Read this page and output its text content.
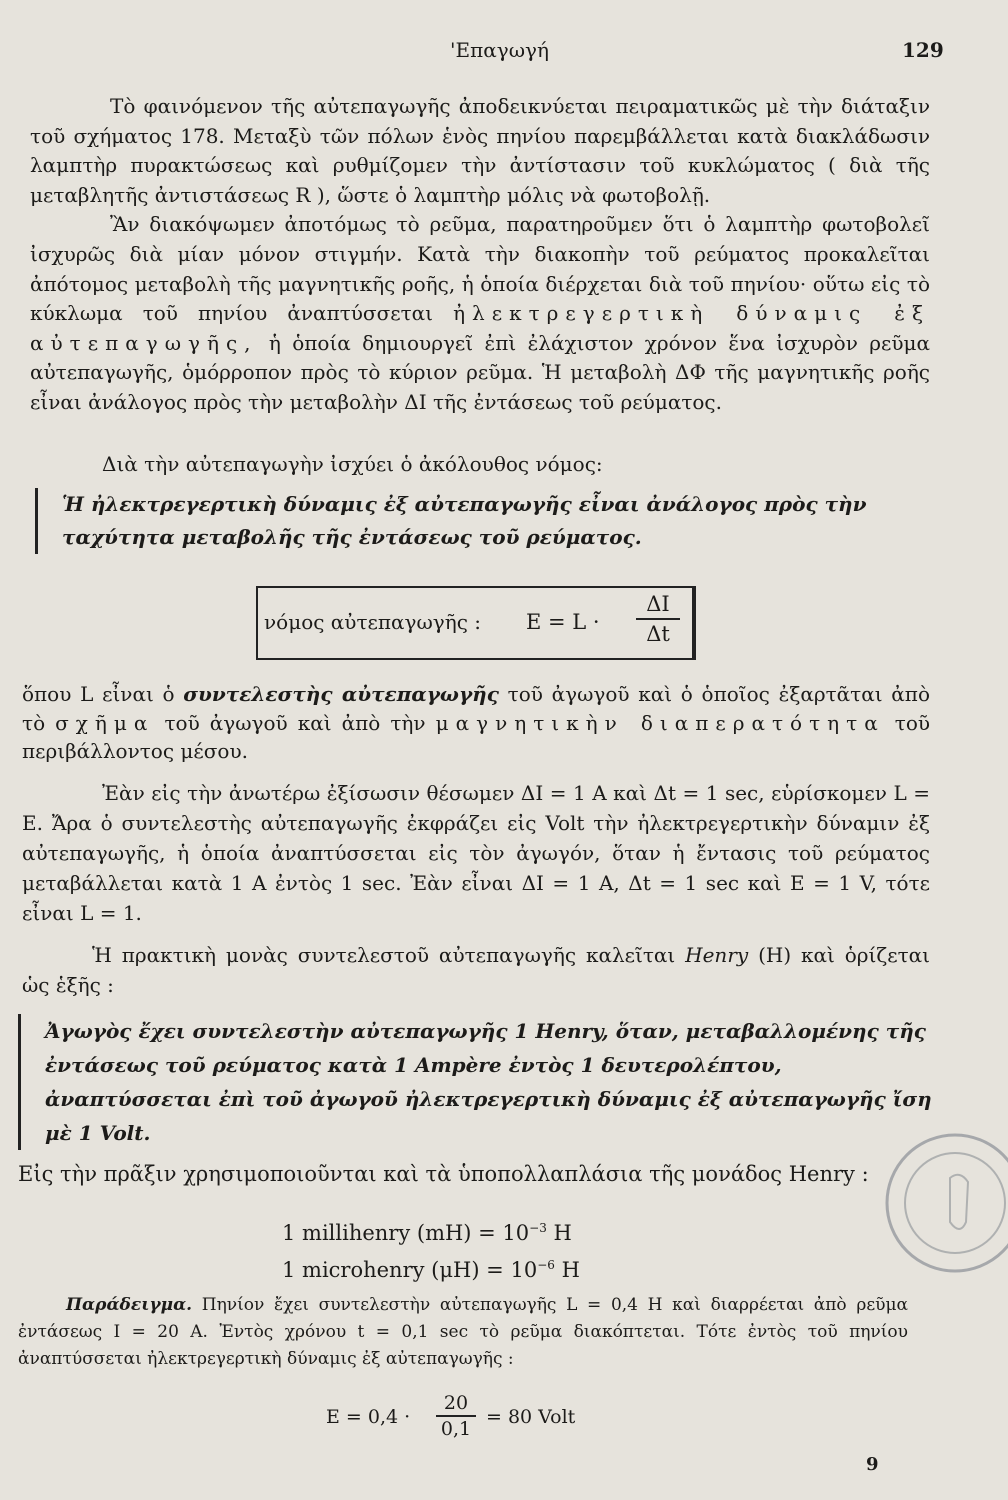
'Επαγωγή	129
Τὸ φαινόμενον τῆς αὐτεπαγωγῆς ἀποδεικνύεται πειραματικῶς μὲ τὴν διάταξιν τοῦ σχήματος 178. Μεταξὺ τῶν πόλων ἑνὸς πηνίου παρεμβάλλεται κατὰ διακλάδωσιν λαμπτὴρ πυρακτώσεως καὶ ρυθμίζομεν τὴν ἀντίστασιν τοῦ κυκλώματος ( διὰ τῆς μεταβλητῆς ἀντιστάσεως R ), ὥστε ὁ λαμπτὴρ μόλις νὰ φωτοβολῇ.
Ἂν διακόψωμεν ἀποτόμως τὸ ρεῦμα, παρατηροῦμεν ὅτι ὁ λαμπτὴρ φωτοβολεῖ ἰσχυρῶς διὰ μίαν μόνον στιγμήν. Κατὰ τὴν διακοπὴν τοῦ ρεύματος προκαλεῖται ἀπότομος μεταβολὴ τῆς μαγνητικῆς ροῆς, ἡ ὁποία διέρχεται διὰ τοῦ πηνίου· οὕτω εἰς τὸ κύκλωμα τοῦ πηνίου ἀναπτύσσεται ἠλεκτρεγερτικὴ δύναμις ἐξ αὐτεπαγωγῆς, ἡ ὁποία δημιουργεῖ ἐπὶ ἐλάχιστον χρόνον ἕνα ἰσχυρὸν ρεῦμα αὐτεπαγωγῆς, ὁμόρροπον πρὸς τὸ κύριον ρεῦμα. Ἡ μεταβολὴ ΔΦ τῆς μαγνητικῆς ροῆς εἶναι ἀνάλογος πρὸς τὴν μεταβολὴν ΔΙ τῆς ἐντάσεως τοῦ ρεύματος.
Διὰ τὴν αὐτεπαγωγὴν ἰσχύει ὁ ἀκόλουθος νόμος:
Ἡ ἠλεκτρεγερτικὴ δύναμις ἐξ αὐτεπαγωγῆς εἶναι ἀνάλογος πρὸς τὴν ταχύτητα μεταβολῆς τῆς ἐντάσεως τοῦ ρεύματος.
νόμος αὐτεπαγωγῆς : $E = L \cdot \frac{\Delta I}{\Delta t}$
ὅπου L εἶναι ὁ συντελεστὴς αὐτεπαγωγῆς τοῦ ἀγωγοῦ καὶ ὁ ὁποῖος ἐξαρτᾶται ἀπὸ τὸ σχῆμα τοῦ ἀγωγοῦ καὶ ἀπὸ τὴν μαγνητικὴν διαπερατότητα τοῦ περιβάλλοντος μέσου.
Ἐὰν εἰς τὴν ἀνωτέρω ἐξίσωσιν θέσωμεν ΔΙ = 1 A καὶ Δt = 1 sec, εὑρίσκομεν L = E. Ἄρα ὁ συντελεστὴς αὐτεπαγωγῆς ἐκφράζει εἰς Volt τὴν ἠλεκτρεγερτικὴν δύναμιν ἐξ αὐτεπαγωγῆς, ἡ ὁποία ἀναπτύσσεται εἰς τὸν ἀγωγόν, ὅταν ἡ ἔντασις τοῦ ρεύματος μεταβάλλεται κατὰ 1 A ἐντὸς 1 sec. Ἐὰν εἶναι ΔI = 1 A, Δt = 1 sec καὶ E = 1 V, τότε εἶναι L = 1.
Ἡ πρακτικὴ μονὰς συντελεστοῦ αὐτεπαγωγῆς καλεῖται Henry (H) καὶ ὁρίζεται ὡς ἑξῆς :
Ἀγωγὸς ἔχει συντελεστὴν αὐτεπαγωγῆς 1 Henry, ὅταν, μεταβαλλομένης τῆς ἐντάσεως τοῦ ρεύματος κατὰ 1 Ampère ἐντὸς 1 δευτερολέπτου, ἀναπτύσσεται ἐπὶ τοῦ ἀγωγοῦ ἠλεκτρεγερτικὴ δύναμις ἐξ αὐτεπαγωγῆς ἴση μὲ 1 Volt.
Εἰς τὴν πρᾶξιν χρησιμοποιοῦνται καὶ τὰ ὑποπολλαπλάσια τῆς μονάδος Henry :
1 millihenry $(mH) = 10^{-3}$ H
1 microhenry $(\mu H) = 10^{-6}$ H
Παράδειγμα. Πηνίον ἔχει συντελεστὴν αὐτεπαγωγῆς L = 0,4 H καὶ διαρρέεται ἀπὸ ρεῦμα ἐντάσεως I = 20 A. Ἐντὸς χρόνου t = 0,1 sec τὸ ρεῦμα διακόπτεται. Τότε ἐντὸς τοῦ πηνίου ἀναπτύσσεται ἠλεκτρεγερτικὴ δύναμις ἐξ αὐτεπαγωγῆς :
$E = 0,4 \cdot \frac{20}{0,1} = 80$ Volt
9
